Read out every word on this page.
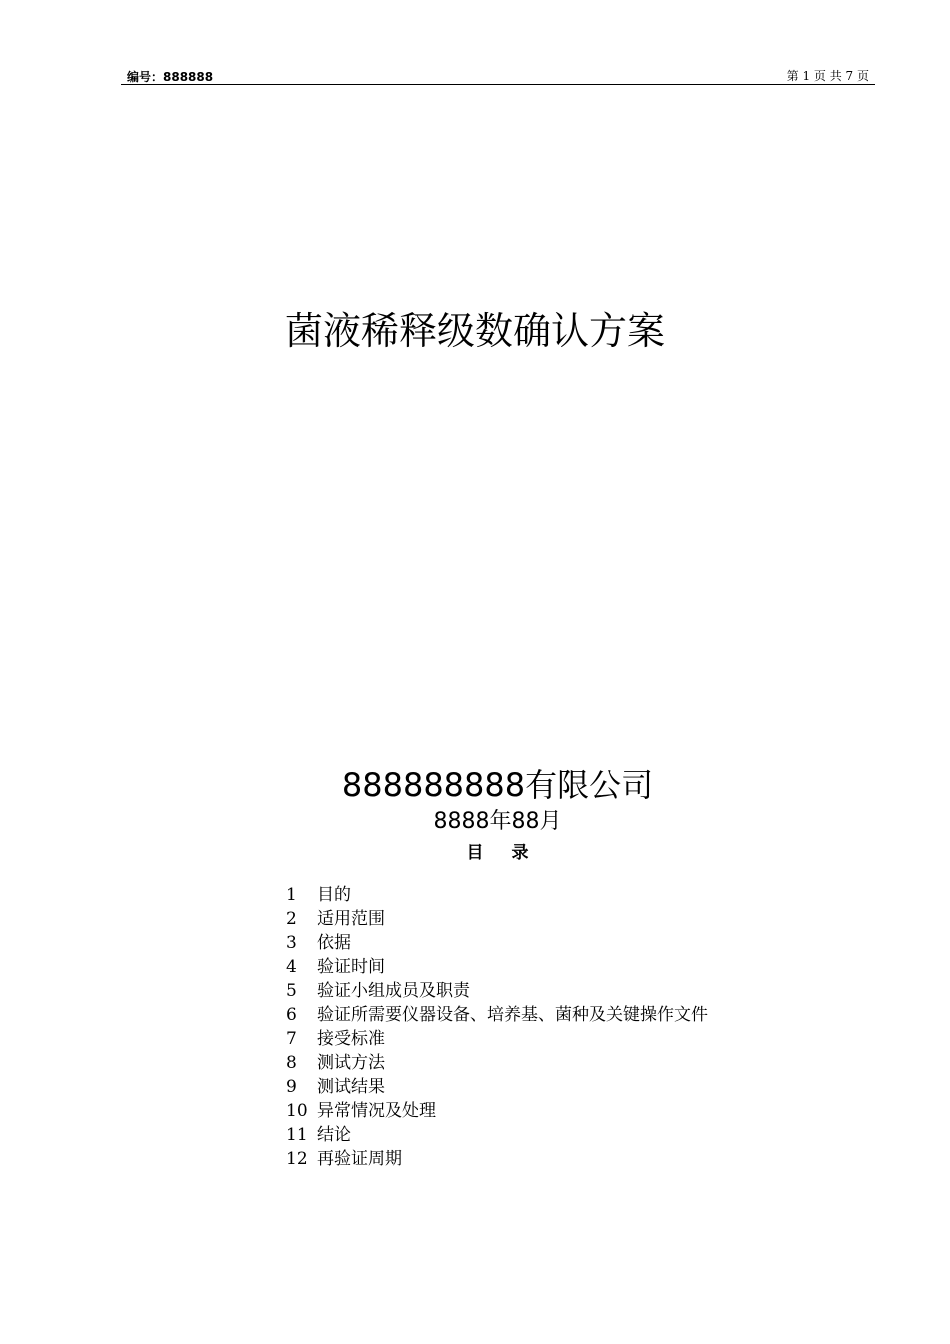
编号：888888	第 1 页 共 7 页
菌液稀释级数确认方案
888888888有限公司
8888年88月
目录
1 目的
2 适用范围
3 依据
4 验证时间
5 验证小组成员及职责
6 验证所需要仪器设备、培养基、菌种及关键操作文件
7 接受标准
8 测试方法
9 测试结果
10 异常情况及处理
11 结论
12 再验证周期
